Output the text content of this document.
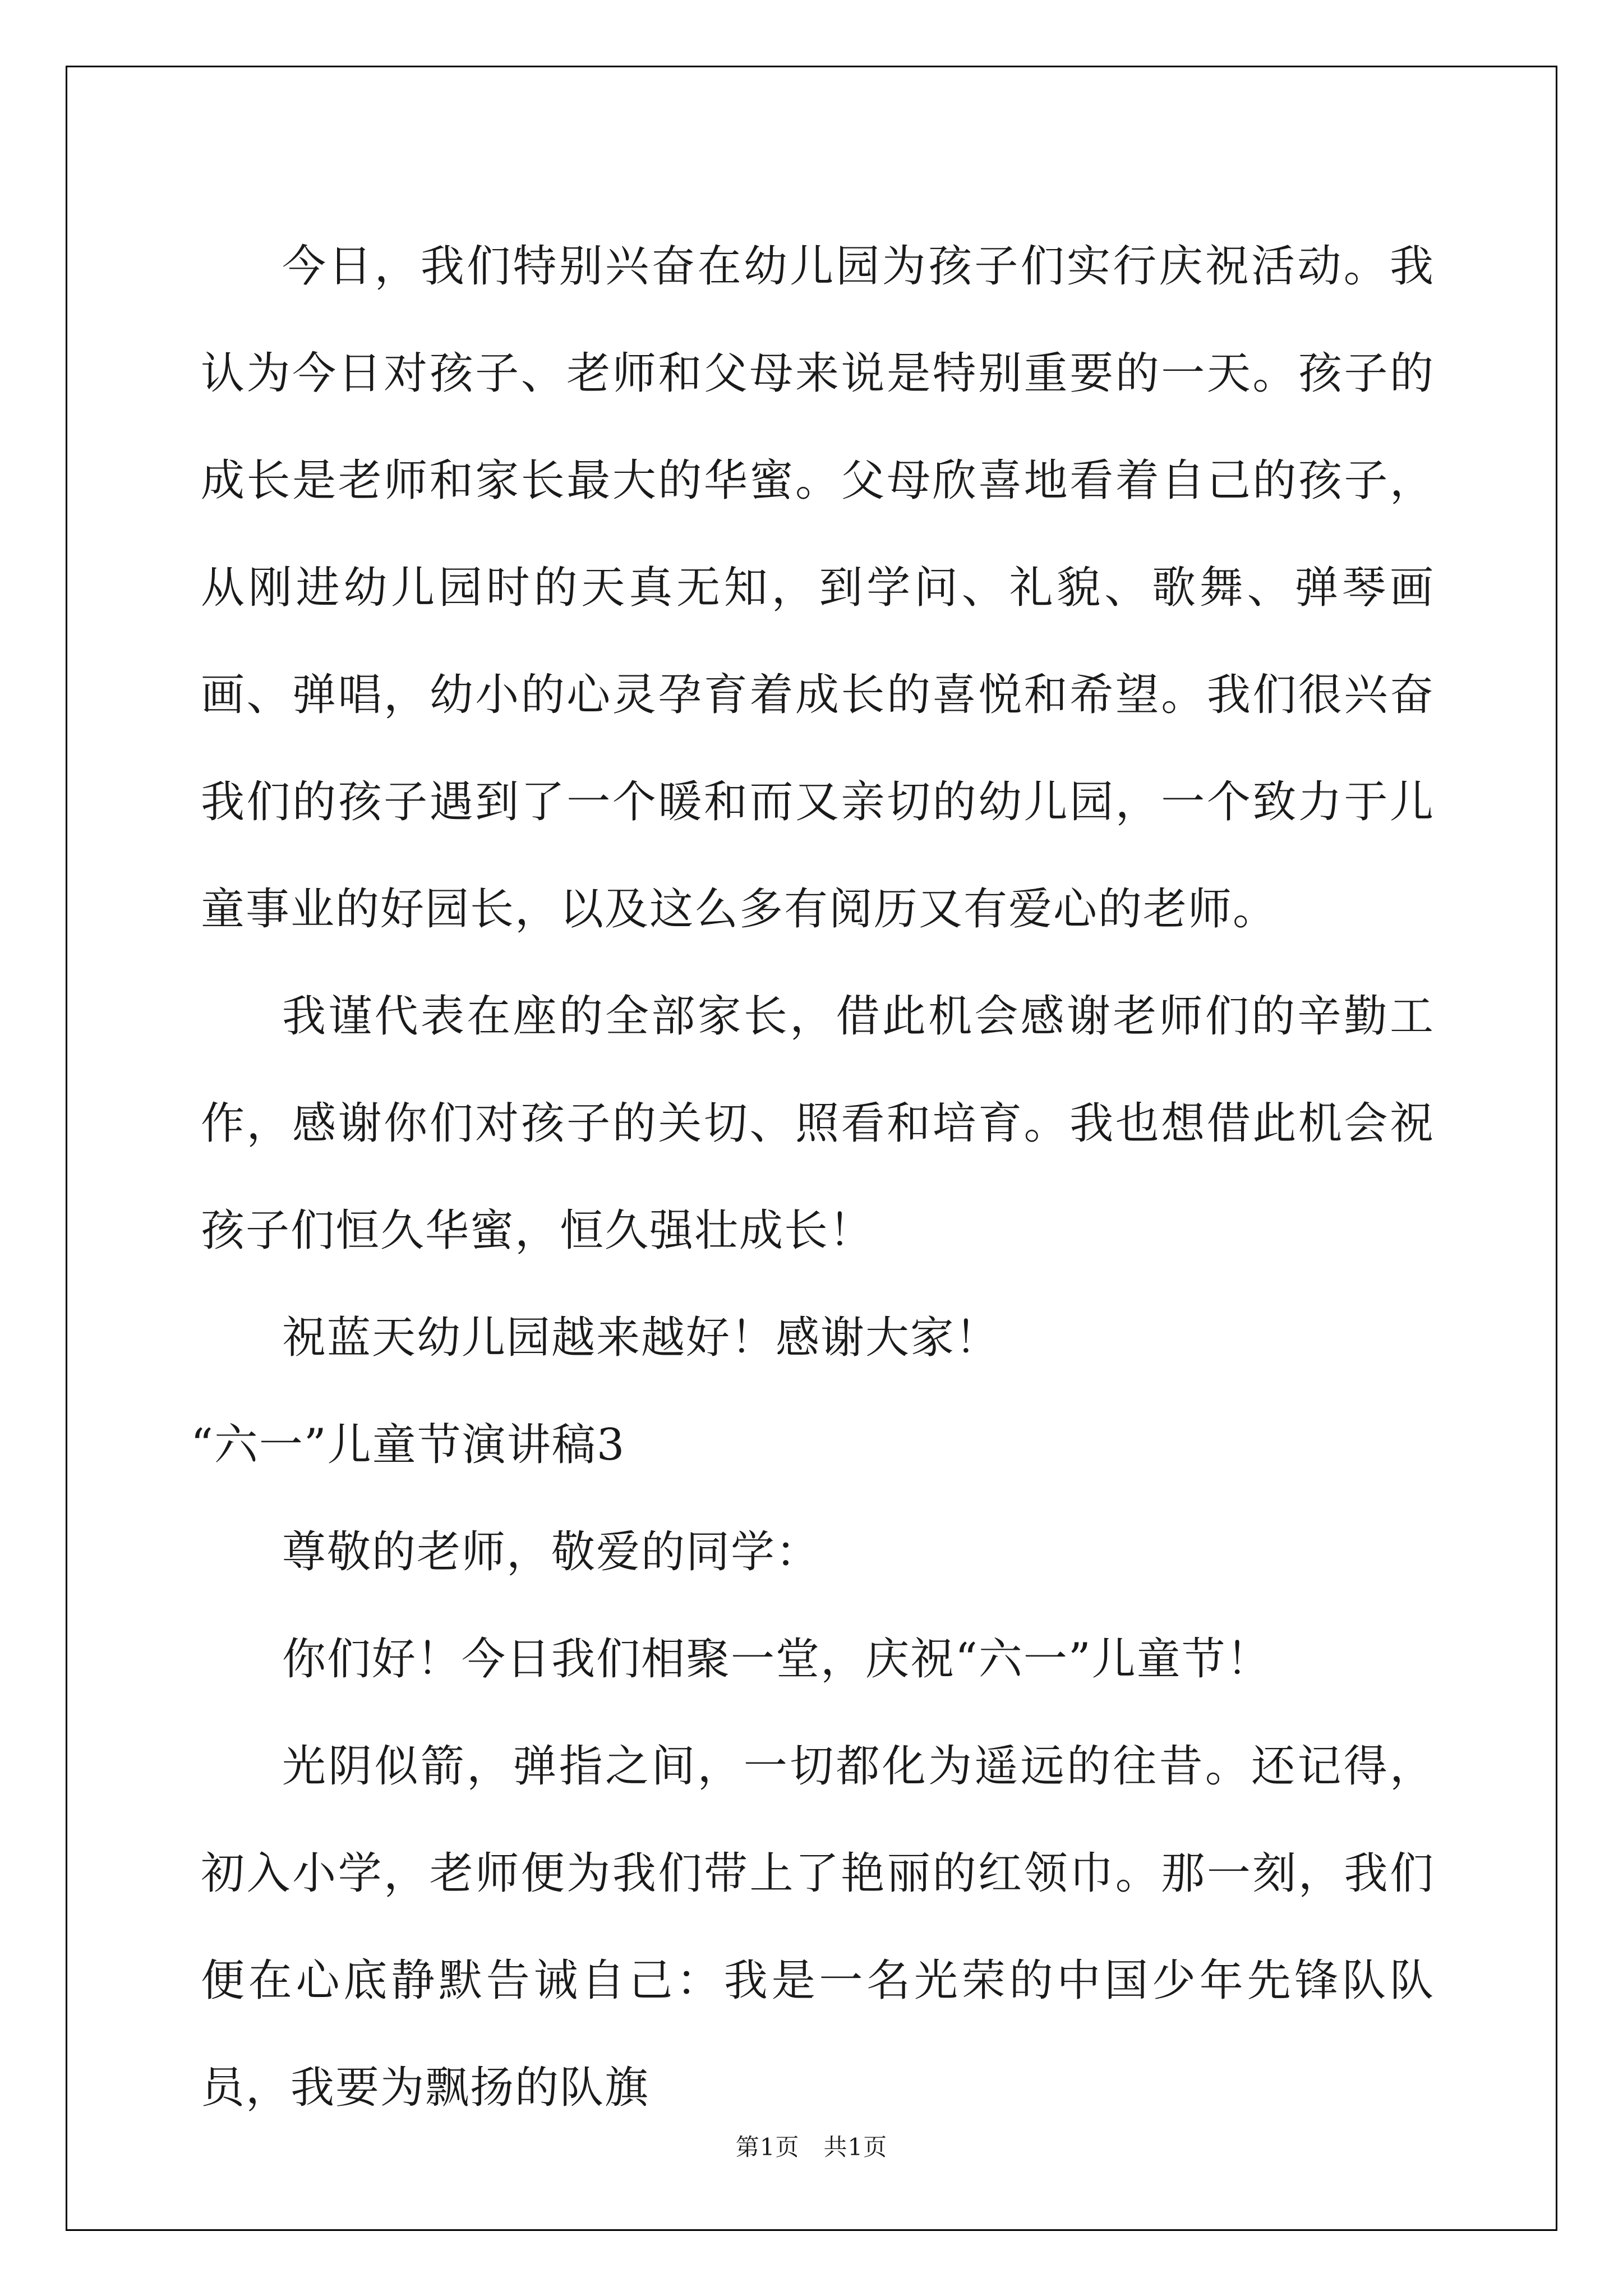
今日，我们特别兴奋在幼儿园为孩子们实行庆祝活动。我认为今日对孩子、老师和父母来说是特别重要的一天。孩子的成长是老师和家长最大的华蜜。父母欣喜地看着自己的孩子，从刚进幼儿园时的天真无知，到学问、礼貌、歌舞、弹琴画画、弹唱，幼小的心灵孕育着成长的喜悦和希望。我们很兴奋我们的孩子遇到了一个暖和而又亲切的幼儿园，一个致力于儿童事业的好园长，以及这么多有阅历又有爱心的老师。

我谨代表在座的全部家长，借此机会感谢老师们的辛勤工作，感谢你们对孩子的关切、照看和培育。我也想借此机会祝孩子们恒久华蜜，恒久强壮成长！

祝蓝天幼儿园越来越好！感谢大家！

“六一”儿童节演讲稿3

尊敬的老师，敬爱的同学：

你们好！今日我们相聚一堂，庆祝“六一”儿童节！

光阴似箭，弹指之间，一切都化为遥远的往昔。还记得，初入小学，老师便为我们带上了艳丽的红领巾。那一刻，我们便在心底静默告诫自己：我是一名光荣的中国少年先锋队队员，我要为飘扬的队旗

第1页　共1页
